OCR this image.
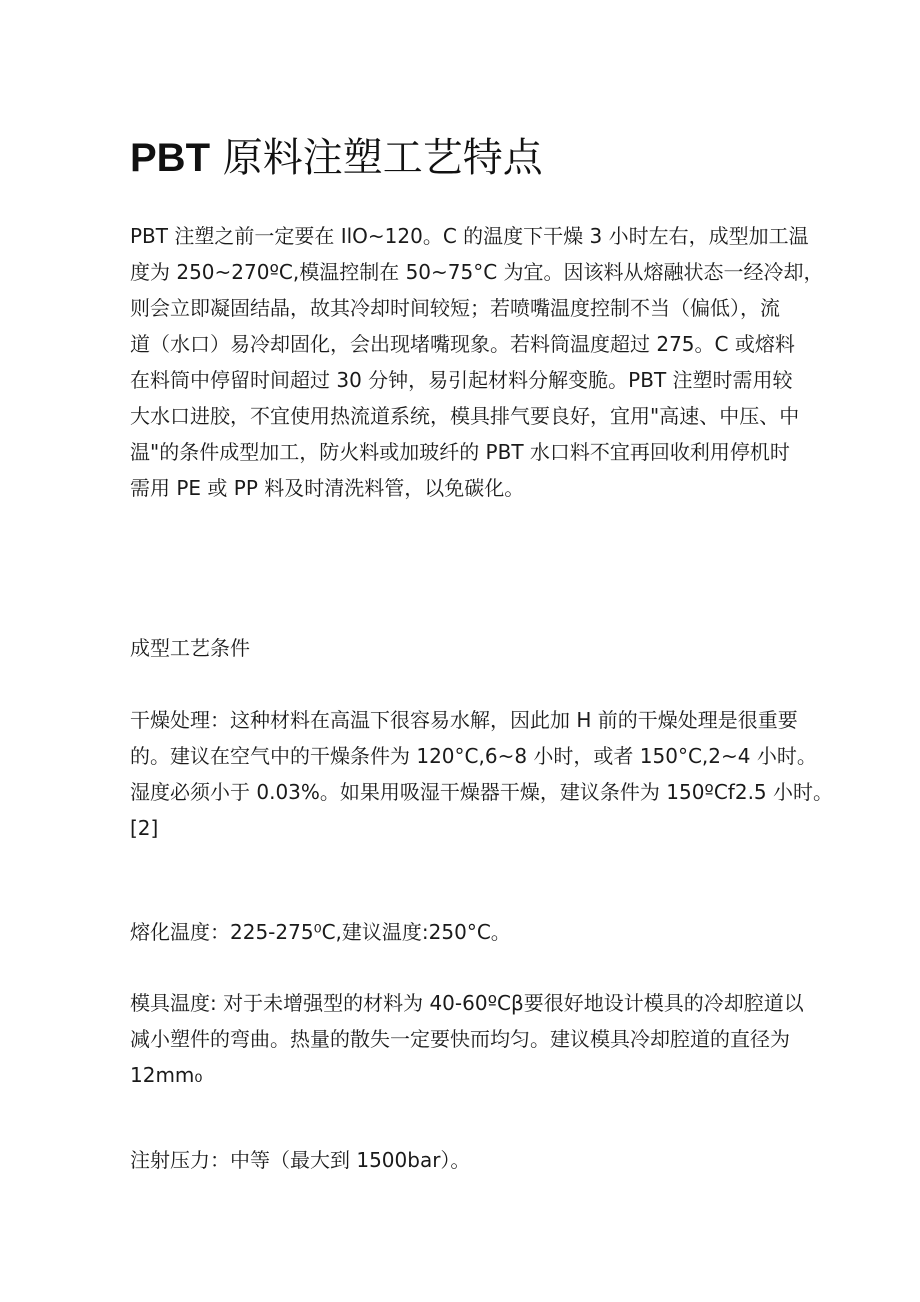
PBT 原料注塑工艺特点

PBT 注塑之前一定要在 IlO~120。C 的温度下干燥 3 小时左右，成型加工温
度为 250~270ºC,模温控制在 50~75°C 为宜。因该料从熔融状态一经冷却，
则会立即凝固结晶，故其冷却时间较短；若喷嘴温度控制不当（偏低），流
道（水口）易冷却固化，会出现堵嘴现象。若料筒温度超过 275。C 或熔料
在料筒中停留时间超过 30 分钟，易引起材料分解变脆。PBT 注塑时需用较
大水口进胶，不宜使用热流道系统，模具排气要良好，宜用"高速、中压、中
温"的条件成型加工，防火料或加玻纤的 PBT 水口料不宜再回收利用停机时
需用 PE 或 PP 料及时清洗料管，以免碳化。

成型工艺条件

干燥处理：这种材料在高温下很容易水解，因此加 H 前的干燥处理是很重要
的。建议在空气中的干燥条件为 120°C,6~8 小时，或者 150°C,2~4 小时。
湿度必须小于 0.03%。如果用吸湿干燥器干燥，建议条件为 150ºCf2.5 小时。
[2]

熔化温度：225-275⁰C,建议温度:250°C。

模具温度: 对于未增强型的材料为 40-60ºCβ要很好地设计模具的冷却腔道以
减小塑件的弯曲。热量的散失一定要快而均匀。建议模具冷却腔道的直径为
12mm₀

注射压力：中等（最大到 1500bar）。
